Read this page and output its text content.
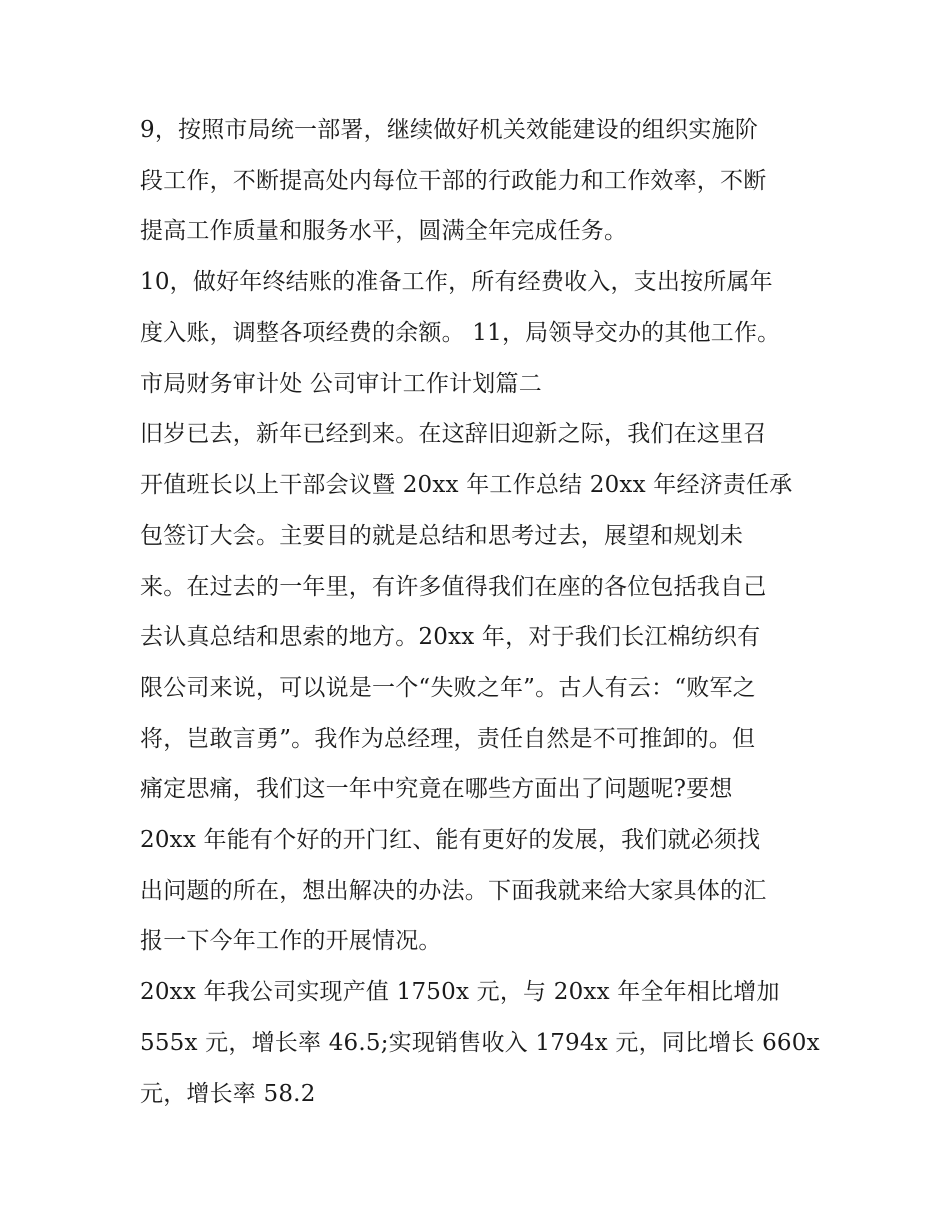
9，按照市局统一部署，继续做好机关效能建设的组织实施阶
段工作，不断提高处内每位干部的行政能力和工作效率，不断
提高工作质量和服务水平，圆满全年完成任务。
10，做好年终结账的准备工作，所有经费收入，支出按所属年
度入账，调整各项经费的余额。 11，局领导交办的其他工作。
市局财务审计处 公司审计工作计划篇二
旧岁已去，新年已经到来。在这辞旧迎新之际，我们在这里召
开值班长以上干部会议暨 20xx 年工作总结 20xx 年经济责任承
包签订大会。主要目的就是总结和思考过去，展望和规划未
来。在过去的一年里，有许多值得我们在座的各位包括我自己
去认真总结和思索的地方。20xx 年，对于我们长江棉纺织有
限公司来说，可以说是一个“失败之年”。古人有云：“败军之
将，岂敢言勇”。我作为总经理，责任自然是不可推卸的。但
痛定思痛，我们这一年中究竟在哪些方面出了问题呢?要想
20xx 年能有个好的开门红、能有更好的发展，我们就必须找
出问题的所在，想出解决的办法。下面我就来给大家具体的汇
报一下今年工作的开展情况。
20xx 年我公司实现产值 1750x 元，与 20xx 年全年相比增加
555x 元，增长率 46.5;实现销售收入 1794x 元，同比增长 660x
元，增长率 58.2
